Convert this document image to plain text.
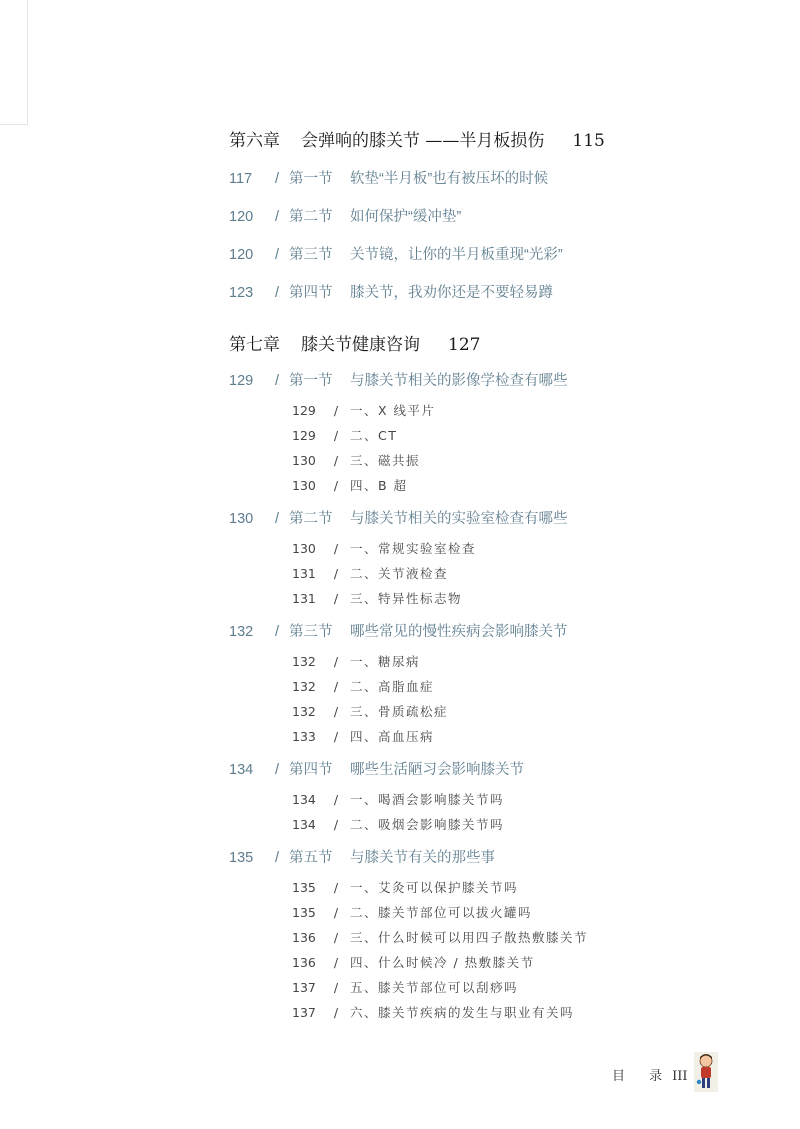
第六章 会弹响的膝关节 ——半月板损伤 115
117 / 第一节 软垫“半月板”也有被压坏的时候
120 / 第二节 如何保护“缓冲垫”
120 / 第三节 关节镜，让你的半月板重现“光彩”
123 / 第四节 膝关节，我劝你还是不要轻易蹲
第七章 膝关节健康咨询 127
129 / 第一节 与膝关节相关的影像学检查有哪些
129 / 一、X 线平片
129 / 二、CT
130 / 三、磁共振
130 / 四、B 超
130 / 第二节 与膝关节相关的实验室检查有哪些
130 / 一、常规实验室检查
131 / 二、关节液检查
131 / 三、特异性标志物
132 / 第三节 哪些常见的慢性疾病会影响膝关节
132 / 一、糖尿病
132 / 二、高脂血症
132 / 三、骨质疏松症
133 / 四、高血压病
134 / 第四节 哪些生活陋习会影响膝关节
134 / 一、喝酒会影响膝关节吗
134 / 二、吸烟会影响膝关节吗
135 / 第五节 与膝关节有关的那些事
135 / 一、艾灸可以保护膝关节吗
135 / 二、膝关节部位可以拔火罐吗
136 / 三、什么时候可以用四子散热敷膝关节
136 / 四、什么时候冷 / 热敷膝关节
137 / 五、膝关节部位可以刮痧吗
137 / 六、膝关节疾病的发生与职业有关吗
目 录III
